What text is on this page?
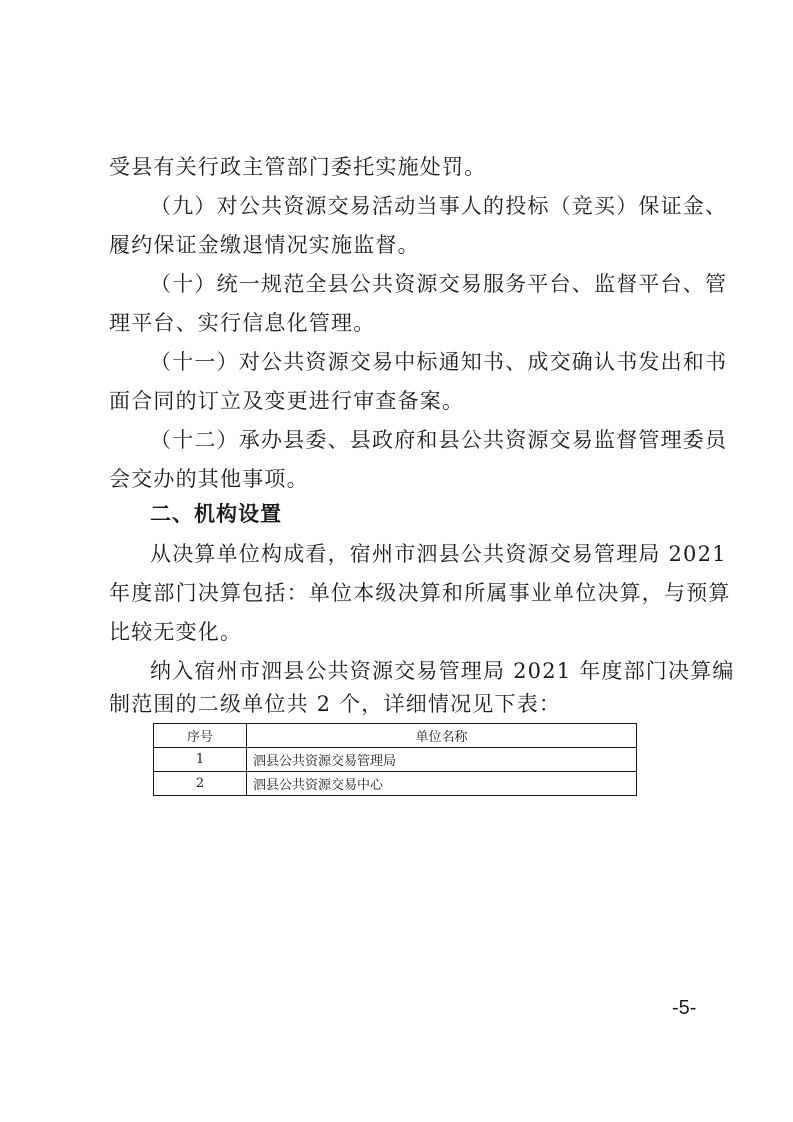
受县有关行政主管部门委托实施处罚。
（九）对公共资源交易活动当事人的投标（竞买）保证金、
履约保证金缴退情况实施监督。
（十）统一规范全县公共资源交易服务平台、监督平台、管
理平台、实行信息化管理。
（十一）对公共资源交易中标通知书、成交确认书发出和书
面合同的订立及变更进行审查备案。
（十二）承办县委、县政府和县公共资源交易监督管理委员
会交办的其他事项。
二、机构设置
从决算单位构成看，宿州市泗县公共资源交易管理局 2021
年度部门决算包括：单位本级决算和所属事业单位决算，与预算
比较无变化。
纳入宿州市泗县公共资源交易管理局 2021 年度部门决算编
制范围的二级单位共 2 个，详细情况见下表：
序号	单位名称
1	泗县公共资源交易管理局
2	泗县公共资源交易中心
-5-
